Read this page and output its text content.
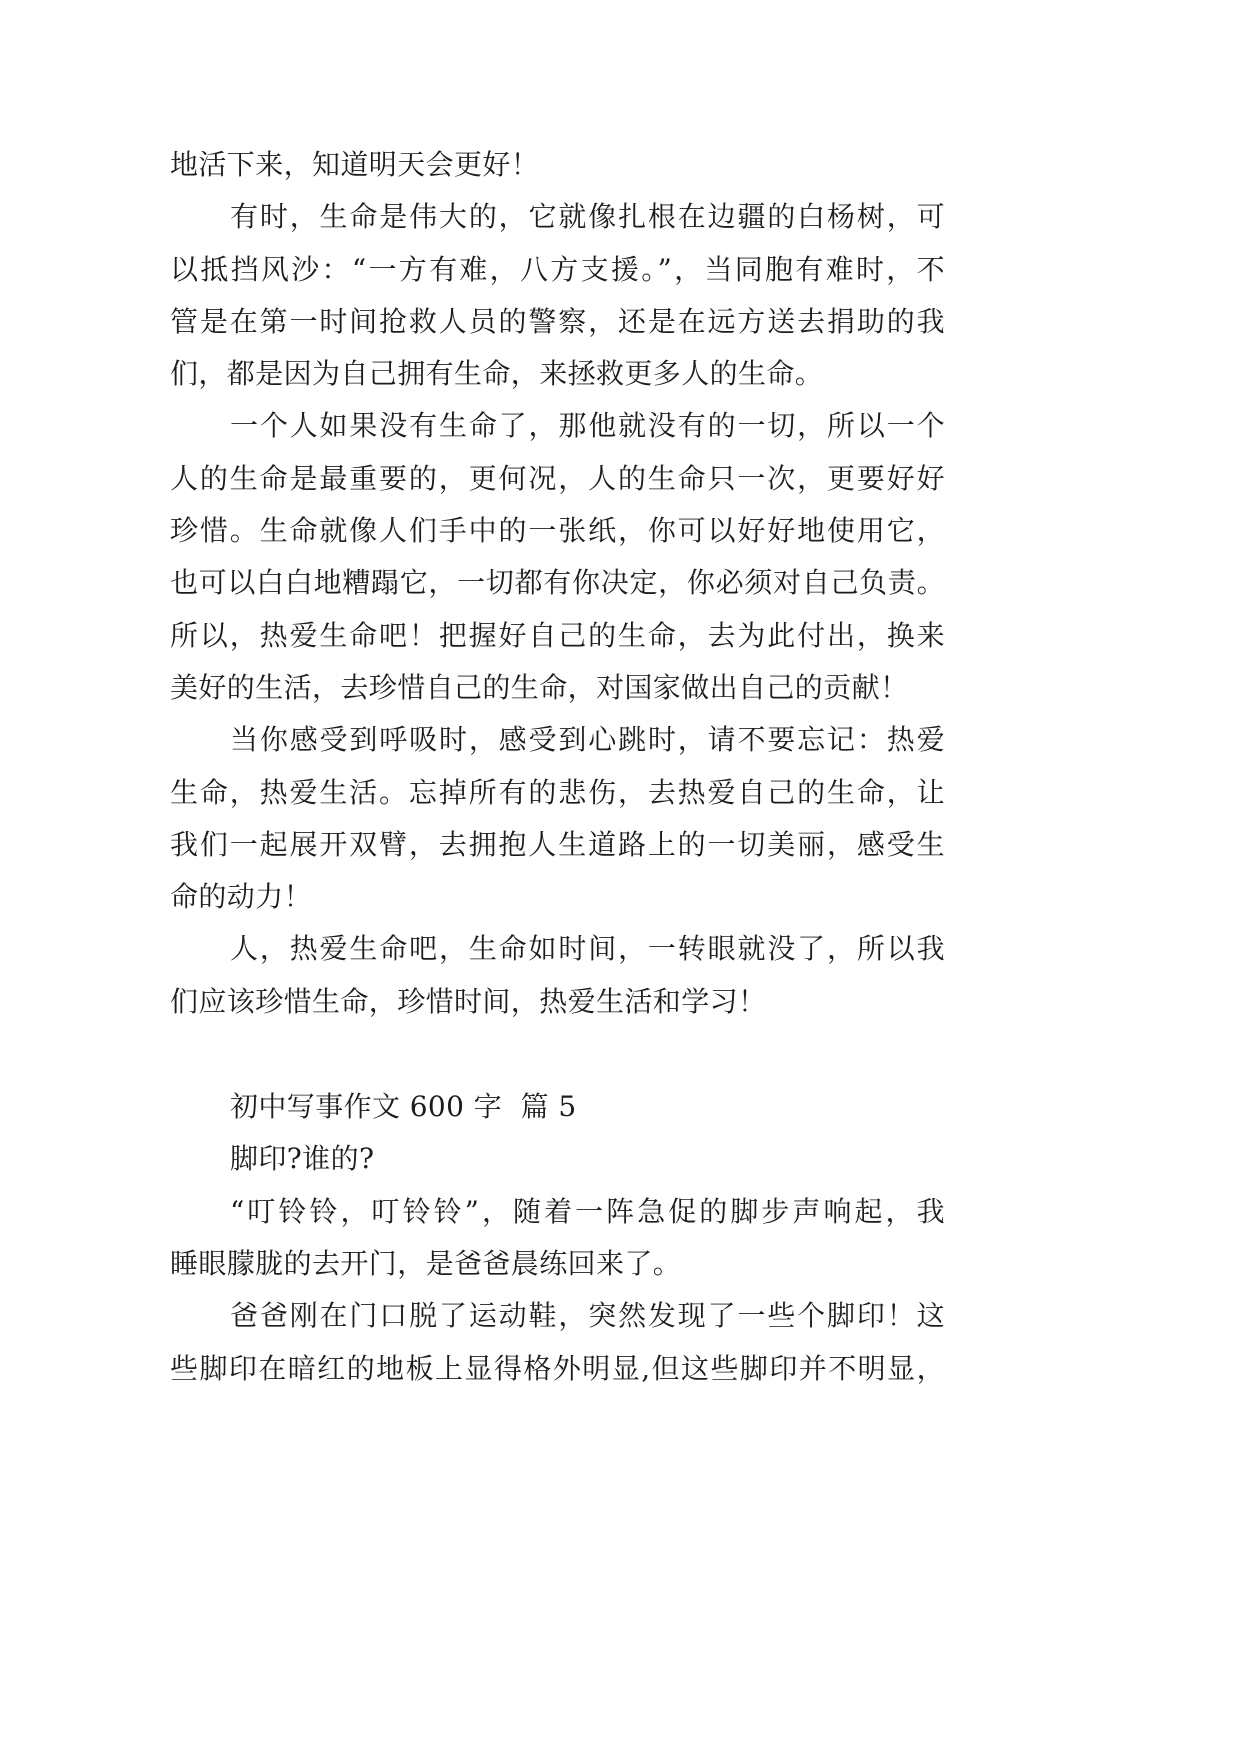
地活下来，知道明天会更好！
有时，生命是伟大的，它就像扎根在边疆的白杨树，可
以抵挡风沙：“一方有难，八方支援。”，当同胞有难时，不
管是在第一时间抢救人员的警察，还是在远方送去捐助的我
们，都是因为自己拥有生命，来拯救更多人的生命。
一个人如果没有生命了，那他就没有的一切，所以一个
人的生命是最重要的，更何况，人的生命只一次，更要好好
珍惜。生命就像人们手中的一张纸，你可以好好地使用它，
也可以白白地糟蹋它，一切都有你决定，你必须对自己负责。
所以，热爱生命吧！把握好自己的生命，去为此付出，换来
美好的生活，去珍惜自己的生命，对国家做出自己的贡献！
当你感受到呼吸时，感受到心跳时，请不要忘记：热爱
生命，热爱生活。忘掉所有的悲伤，去热爱自己的生命，让
我们一起展开双臂，去拥抱人生道路上的一切美丽，感受生
命的动力！
人，热爱生命吧，生命如时间，一转眼就没了，所以我
们应该珍惜生命，珍惜时间，热爱生活和学习！
初中写事作文 600 字  篇 5
脚印?谁的?
“叮铃铃，叮铃铃”，随着一阵急促的脚步声响起，我
睡眼朦胧的去开门，是爸爸晨练回来了。
爸爸刚在门口脱了运动鞋，突然发现了一些个脚印！这
些脚印在暗红的地板上显得格外明显,但这些脚印并不明显，
